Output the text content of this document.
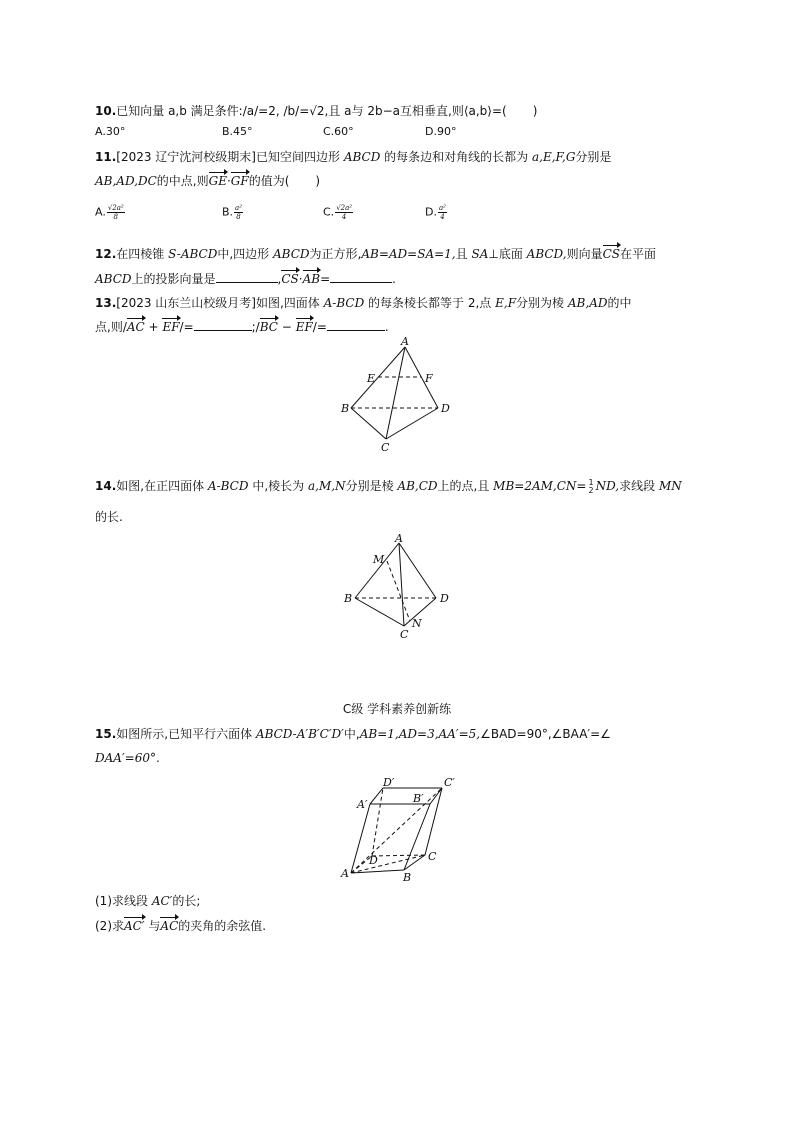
10.已知向量 a,b 满足条件:/a/=2, /b/=√2,且 a与 2b−a互相垂直,则⟨a,b⟩=( )
A.30°	B.45°	C.60°	D.90°
11.[2023 辽宁沈河校级期末]已知空间四边形 ABCD 的每条边和对角线的长都为 a,E,F,G分别是
AB,AD,DC的中点,则GE·GF的值为( )
A. $\frac{\text{√2a²}}{8}$	B. $\frac{\text{a²}}{8}$	C. $\frac{\text{√2a²}}{4}$	D. $\frac{\text{a²}}{4}$
12.在四棱锥 S-ABCD中,四边形 ABCD为正方形,AB=AD=SA=1,且 SA⊥底面 ABCD,则向量CS在平面
ABCD上的投影向量是	,CS·AB=	.
13.[2023 山东兰山校级月考]如图,四面体 A-BCD 的每条棱长都等于 2,点 E,F分别为棱 AB,AD的中
点,则/AC + EF/=	;/BC − EF/=	.
A
E	F
B	D
C
14.如图,在正四面体 A-BCD 中,棱长为 a,M,N分别是棱 AB,CD上的点,且 MB=2AM,CN= 1
2 ND,求线段 MN
的长.
A
M
B	D
N
C
C级 学科素养创新练
15.如图所示,已知平行六面体 ABCD-A′B′C′D′中,AB=1,AD=3,AA′=5,∠BAD=90°,∠BAA′=∠
DAA′=60°.
D′	C′
A′	B′
D	C
A	B
(1)求线段 AC′的长;
(2)求AC′ 与AC的夹角的余弦值.
